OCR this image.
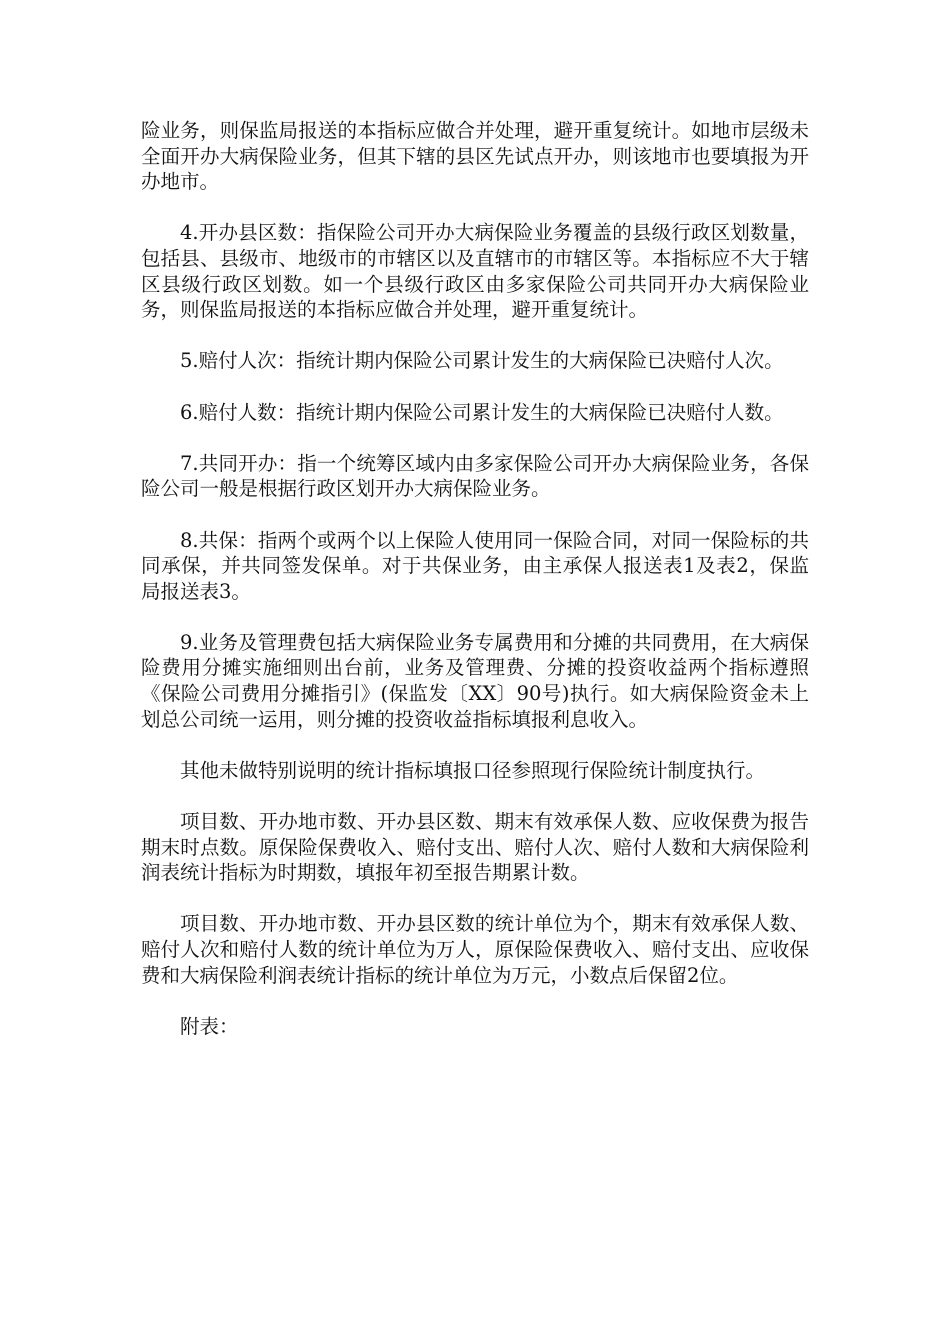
险业务，则保监局报送的本指标应做合并处理，避开重复统计。如地市层级未全面开办大病保险业务，但其下辖的县区先试点开办，则该地市也要填报为开办地市。

4.开办县区数：指保险公司开办大病保险业务覆盖的县级行政区划数量，包括县、县级市、地级市的市辖区以及直辖市的市辖区等。本指标应不大于辖区县级行政区划数。如一个县级行政区由多家保险公司共同开办大病保险业务，则保监局报送的本指标应做合并处理，避开重复统计。

5.赔付人次：指统计期内保险公司累计发生的大病保险已决赔付人次。

6.赔付人数：指统计期内保险公司累计发生的大病保险已决赔付人数。

7.共同开办：指一个统筹区域内由多家保险公司开办大病保险业务，各保险公司一般是根据行政区划开办大病保险业务。

8.共保：指两个或两个以上保险人使用同一保险合同，对同一保险标的共同承保，并共同签发保单。对于共保业务，由主承保人报送表1及表2，保监局报送表3。

9.业务及管理费包括大病保险业务专属费用和分摊的共同费用，在大病保险费用分摊实施细则出台前，业务及管理费、分摊的投资收益两个指标遵照《保险公司费用分摊指引》(保监发〔XX〕90号)执行。如大病保险资金未上划总公司统一运用，则分摊的投资收益指标填报利息收入。

其他未做特别说明的统计指标填报口径参照现行保险统计制度执行。

项目数、开办地市数、开办县区数、期末有效承保人数、应收保费为报告期末时点数。原保险保费收入、赔付支出、赔付人次、赔付人数和大病保险利润表统计指标为时期数，填报年初至报告期累计数。

项目数、开办地市数、开办县区数的统计单位为个，期末有效承保人数、赔付人次和赔付人数的统计单位为万人，原保险保费收入、赔付支出、应收保费和大病保险利润表统计指标的统计单位为万元，小数点后保留2位。

附表：
